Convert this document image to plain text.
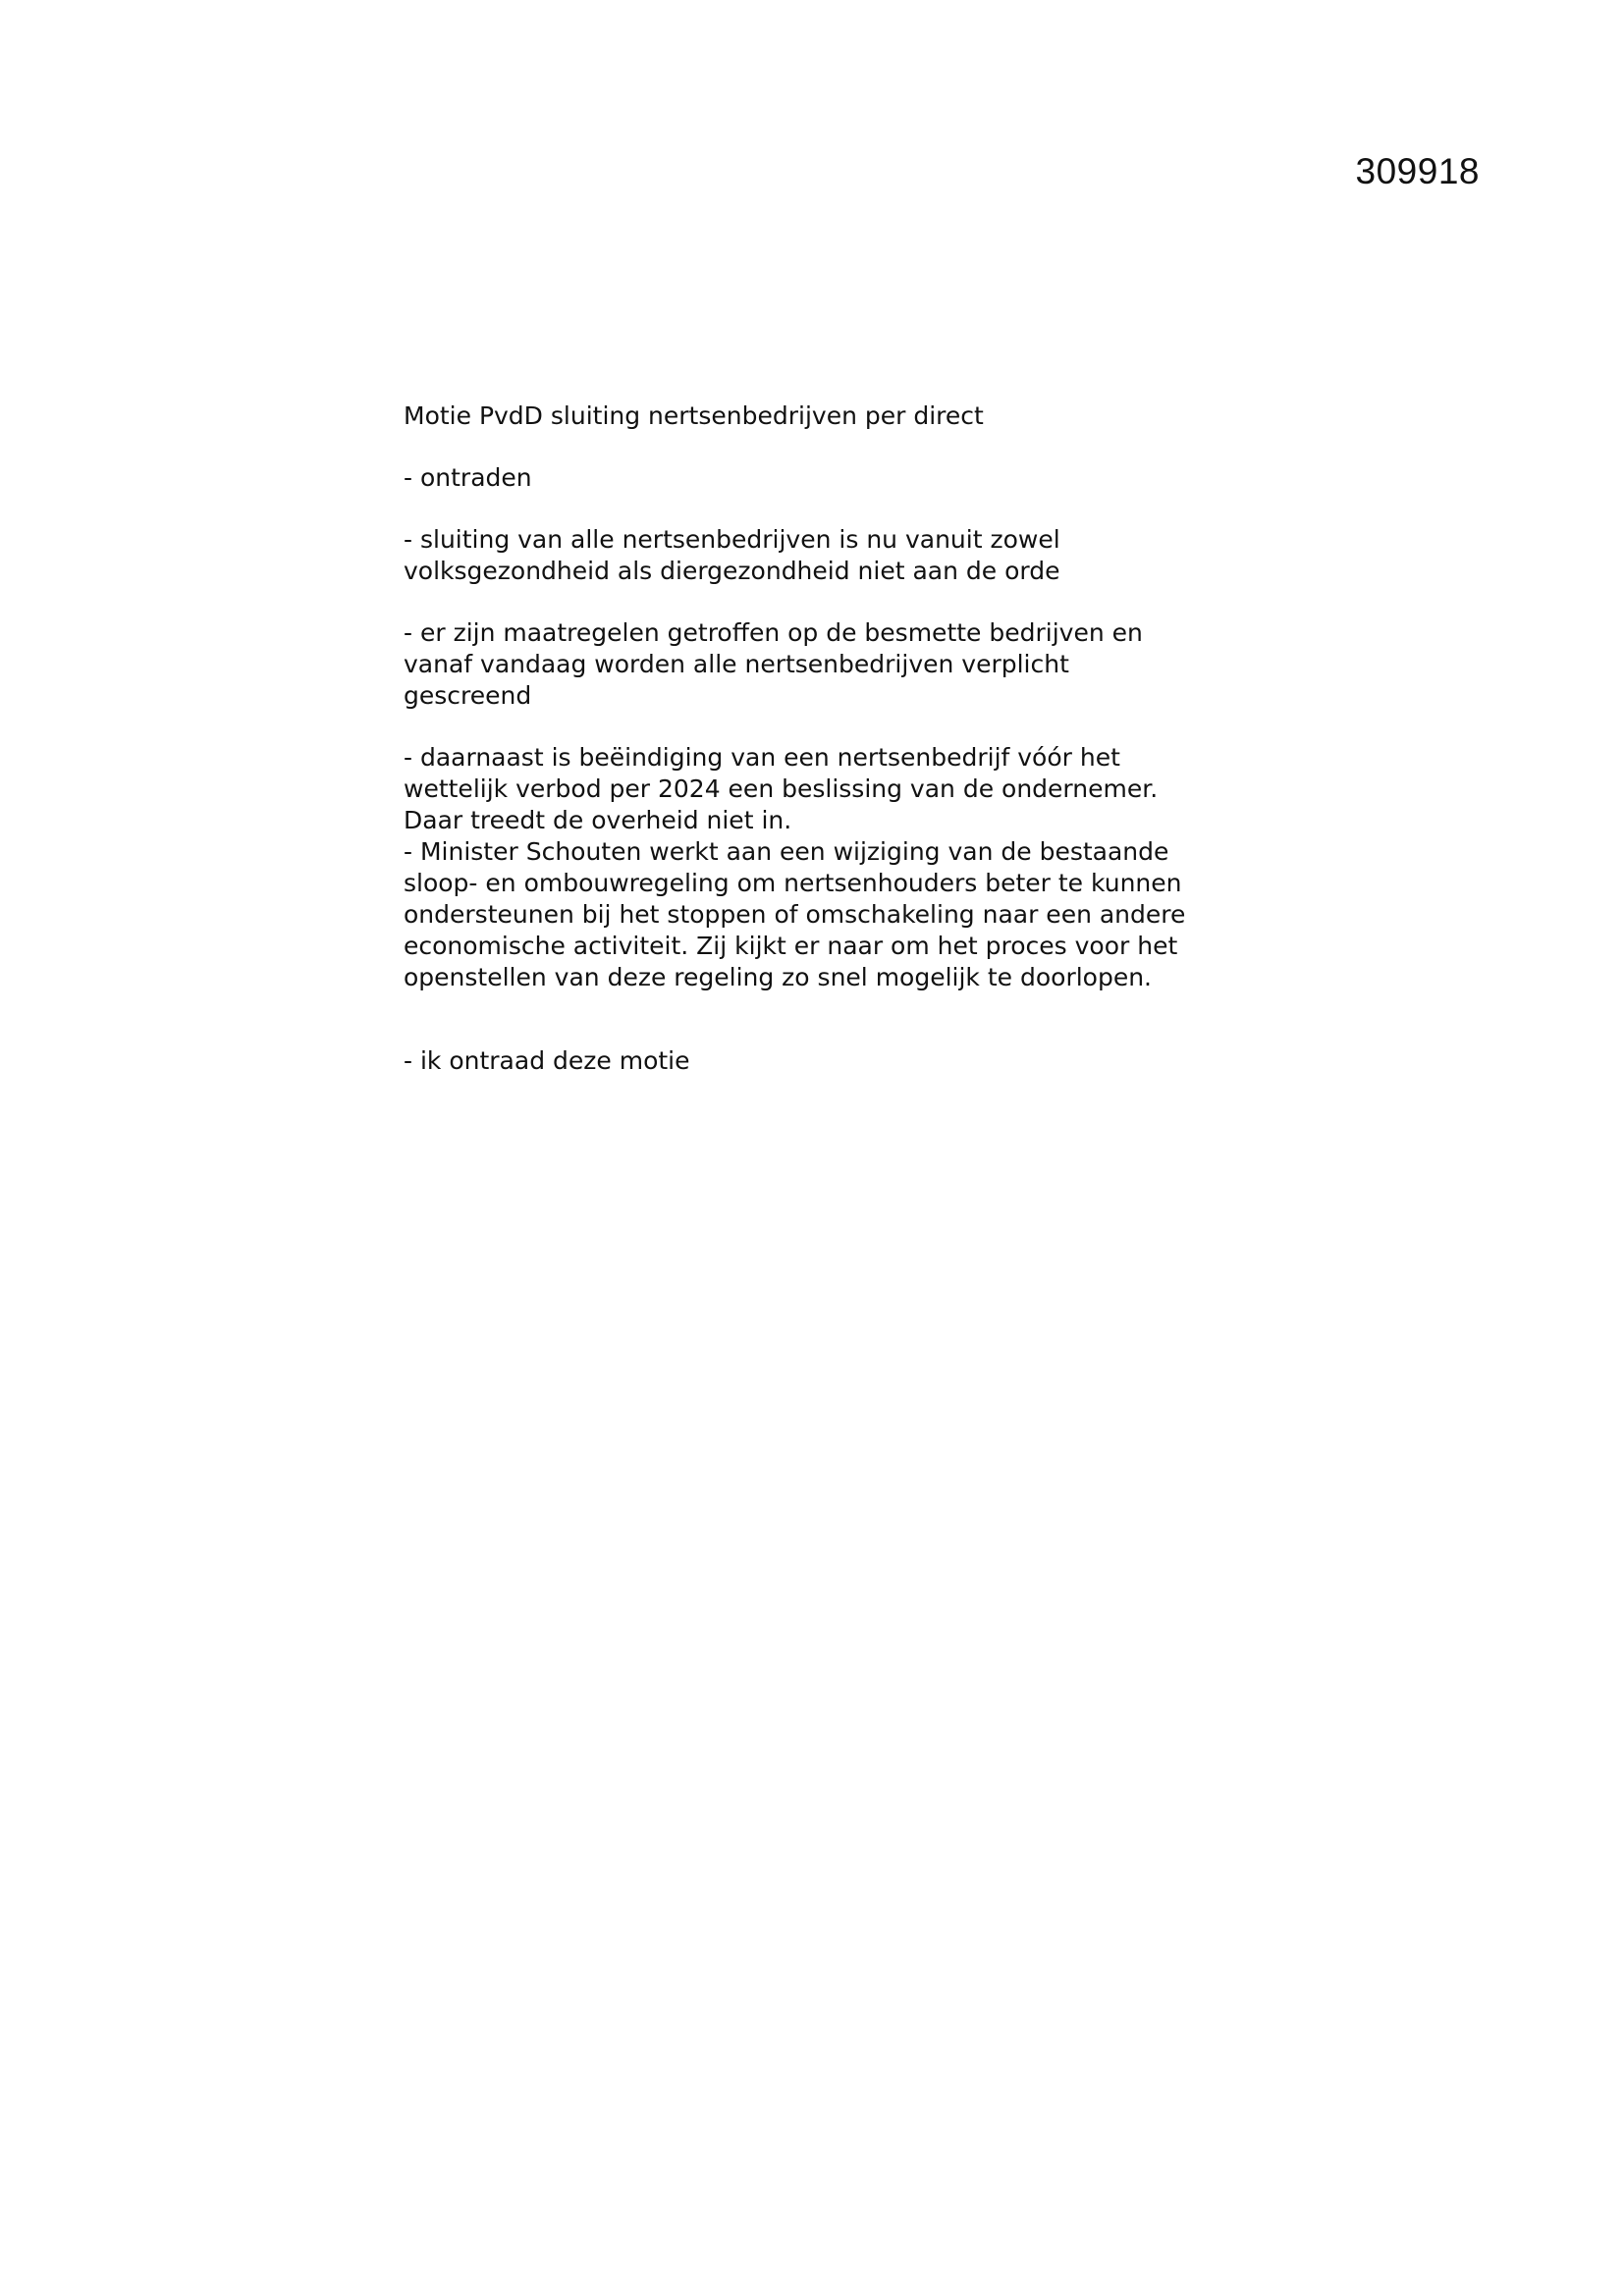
309918

Motie PvdD sluiting nertsenbedrijven per direct

- ontraden

- sluiting van alle nertsenbedrijven is nu vanuit zowel
volksgezondheid als diergezondheid niet aan de orde

- er zijn maatregelen getroffen op de besmette bedrijven en
vanaf vandaag worden alle nertsenbedrijven verplicht
gescreend

- daarnaast is beëindiging van een nertsenbedrijf vóór het
wettelijk verbod per 2024 een beslissing van de ondernemer.
Daar treedt de overheid niet in.

- Minister Schouten werkt aan een wijziging van de bestaande
sloop- en ombouwregeling om nertsenhouders beter te kunnen
ondersteunen bij het stoppen of omschakeling naar een andere
economische activiteit. Zij kijkt er naar om het proces voor het
openstellen van deze regeling zo snel mogelijk te doorlopen.

- ik ontraad deze motie
